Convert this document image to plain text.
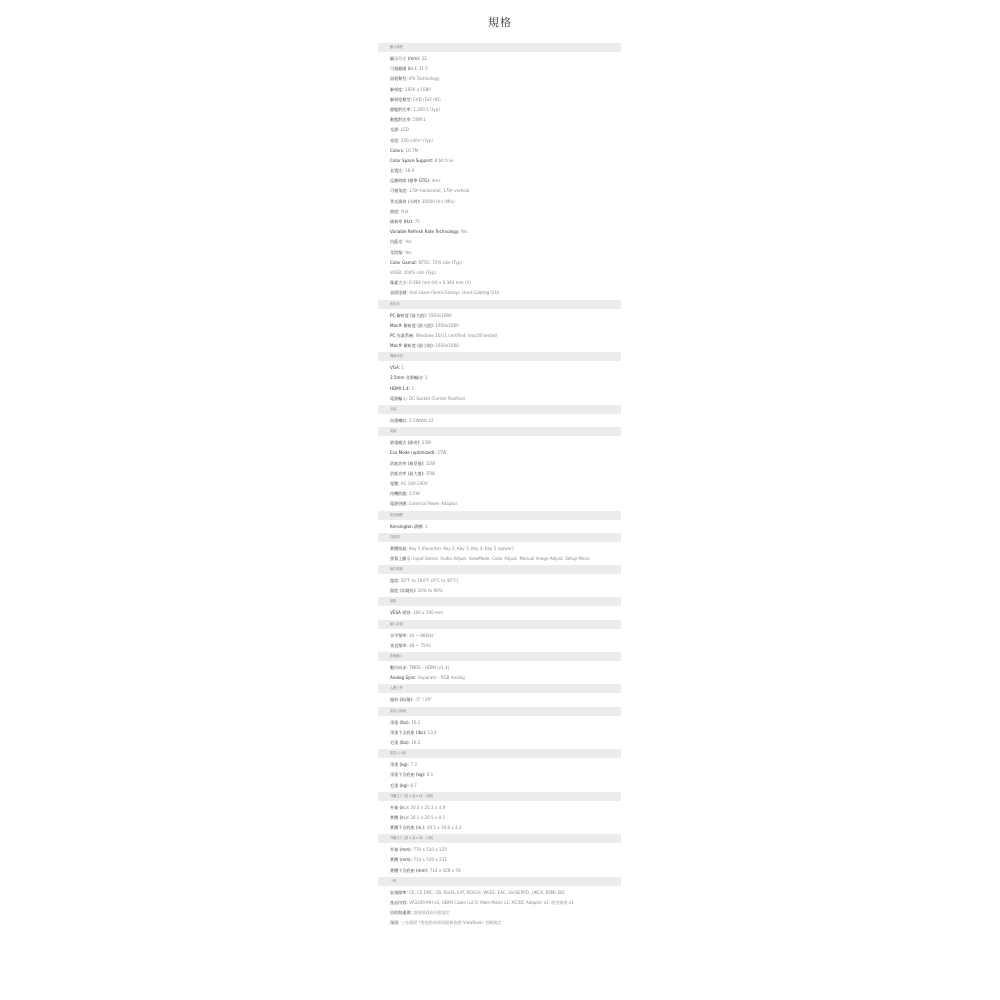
規格
顯示規格
顯示尺寸 (mm): 32
可視範圍 (in.): 31.5
面板類型: IPS Technology
解析度: 1920 x 1080
解析度類型: FHD (Full HD)
靜態對比率: 1,200:1 (typ)
動態對比率: 50M:1
光源: LED
亮度: 250 cd/m² (typ)
Colors: 16.7M
Color Space Support: 8 bit true
長寬比: 16:9
反應時間 (標準 GTG): 4ms
可視角度: 178º horizontal, 178º vertical
背光壽命 (小時): 30000 Hrs (Min)
曲度: Flat
刷新率 (Hz): 75
Variable Refresh Rate Technology: Yes
抗藍光: Yes
零閃頻: Yes
Color Gamut: NTSC: 72% size (Typ)
sRGB: 104% size (Typ)
像素大小: 0.364 mm (H) x 0.364 mm (V)
表面塗層: Anti-Glare (Semi-Glossy), Hard Coating (2H)
相容性
PC 解析度 (最大值): 1920x1080
Mac® 解析度 (最大值): 1920x1080
PC 作業系統: Windows 10/11 certified; macOS tested
Mac® 解析度 (最小值): 1920x1080
傳輸介面
VGA: 1
3.5mm 音源輸出: 1
HDMI 1.4: 1
電源輸入: DC Socket (Center Positive)
音訊
內建喇叭: 2.5Watts x2
電源
節電模式 (節省): 23W
Eco Mode (optimized): 27W
消耗功率 (典型值): 32W
消耗功率 (最大值): 35W
電壓: AC 100-240V
待機狀態: 0.5W
電源供應: External Power Adaptor
附加硬體
Kensington 鎖槽: 1
控制項
實體按鈕: Key 1 (favorite), Key 2, Key 3, Key 4, Key 5 (power)
螢幕上顯示: Input Select, Audio Adjust, ViewMode, Color Adjust, Manual Image Adjust, Setup Menu
操作環境
溫度: 32°F to 104°F (0°C to 40°C)
濕度 (非凝結): 20% to 90%
壁掛
VESA 相容: 100 x 100 mm
輸入訊號
水平頻率: 24 ~ 86KHz
垂直頻率: 48 ~ 75Hz
影像輸入
數位同步: TMDS - HDMI (v1.4)
Analog Sync: Separate - RGB Analog
人體工學
傾斜 (前/後): -5° / 20°
重量 (英制)
淨重 (lbs): 16.1
淨重不含底座 (lbs): 13.4
毛重 (lbs): 19.2
重量 (公制)
淨重 (kg): 7.3
淨重不含底座 (kg): 6.1
毛重 (kg): 8.7
外觀尺寸 (寬 x 高 x 深 - 英制)
外箱 (in.): 30.3 x 20.1 x 4.9
實體 (in.): 28.1 x 20.5 x 9.1
實體不含底座 (in.): 28.1 x 16.8 x 2.3
外觀尺寸 (寬 x 高 x 深 - 公制)
外箱 (mm): 770 x 510 x 125
實體 (mm): 714 x 520 x 231
實體不含底座 (mm): 714 x 428 x 59
一般
安規標準: CE, CE EMC, CB, RoHS, ErP, REACH, WEEE, EAC, UkrSEPRO, UKCA, BSMI, BIS
產品內容: VA3209-MH x1, HDMI Cable (v2.0; Male-Male) x1, AC/DC Adapter x1, 使用指南 x1
回收與處理: 請依照政府回收規定
保固: 三年保固 *所提供的保固服務依照 ViewSonic 官網規定
